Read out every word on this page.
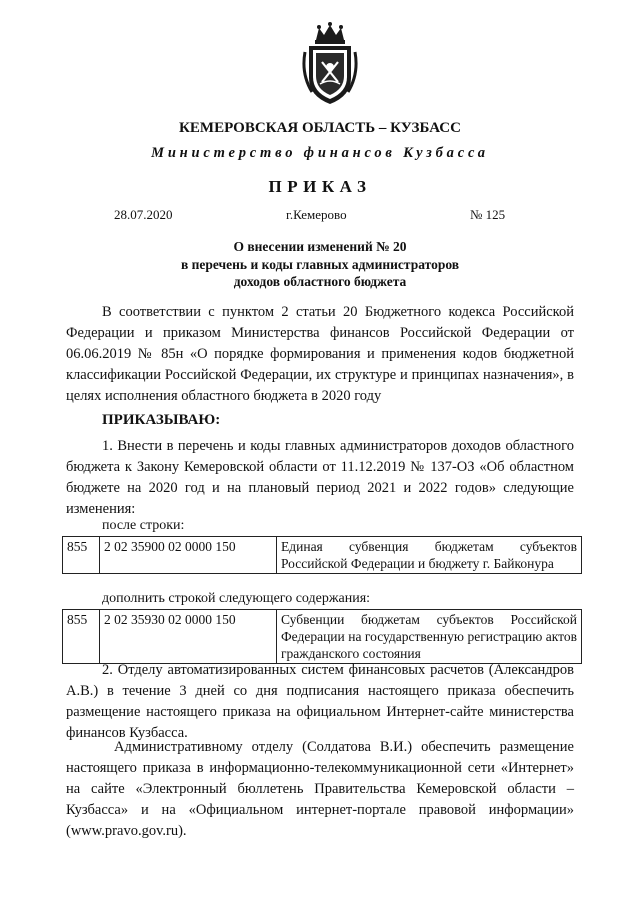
КЕМЕРОВСКАЯ ОБЛАСТЬ – КУЗБАСС
Министерство финансов Кузбасса
ПРИКАЗ
28.07.2020	г.Кемерово	№ 125
О внесении изменений № 20
в перечень и коды главных администраторов
доходов областного бюджета
В соответствии с пунктом 2 статьи 20 Бюджетного кодекса Российской Федерации и приказом Министерства финансов Российской Федерации от 06.06.2019 № 85н «О порядке формирования и применения кодов бюджетной классификации Российской Федерации, их структуре и принципах назначения», в целях исполнения областного бюджета в 2020 году
ПРИКАЗЫВАЮ:
1. Внести в перечень и коды главных администраторов доходов областного бюджета к Закону Кемеровской области от 11.12.2019 № 137-ОЗ «Об областном бюджете на 2020 год и на плановый период 2021 и 2022 годов» следующие изменения:
после строки:
855	2 02 35900 02 0000 150	Единая субвенция бюджетам субъектов Российской Федерации и бюджету г. Байконура
дополнить строкой следующего содержания:
855	2 02 35930 02 0000 150	Субвенции бюджетам субъектов Российской Федерации на государственную регистрацию актов гражданского состояния
2. Отделу автоматизированных систем финансовых расчетов (Александров А.В.) в течение 3 дней со дня подписания настоящего приказа обеспечить размещение настоящего приказа на официальном Интернет-сайте министерства финансов Кузбасса.
Административному отделу (Солдатова В.И.) обеспечить размещение настоящего приказа в информационно-телекоммуникационной сети «Интернет» на сайте «Электронный бюллетень Правительства Кемеровской области – Кузбасса» и на «Официальном интернет-портале правовой информации» (www.pravo.gov.ru).
